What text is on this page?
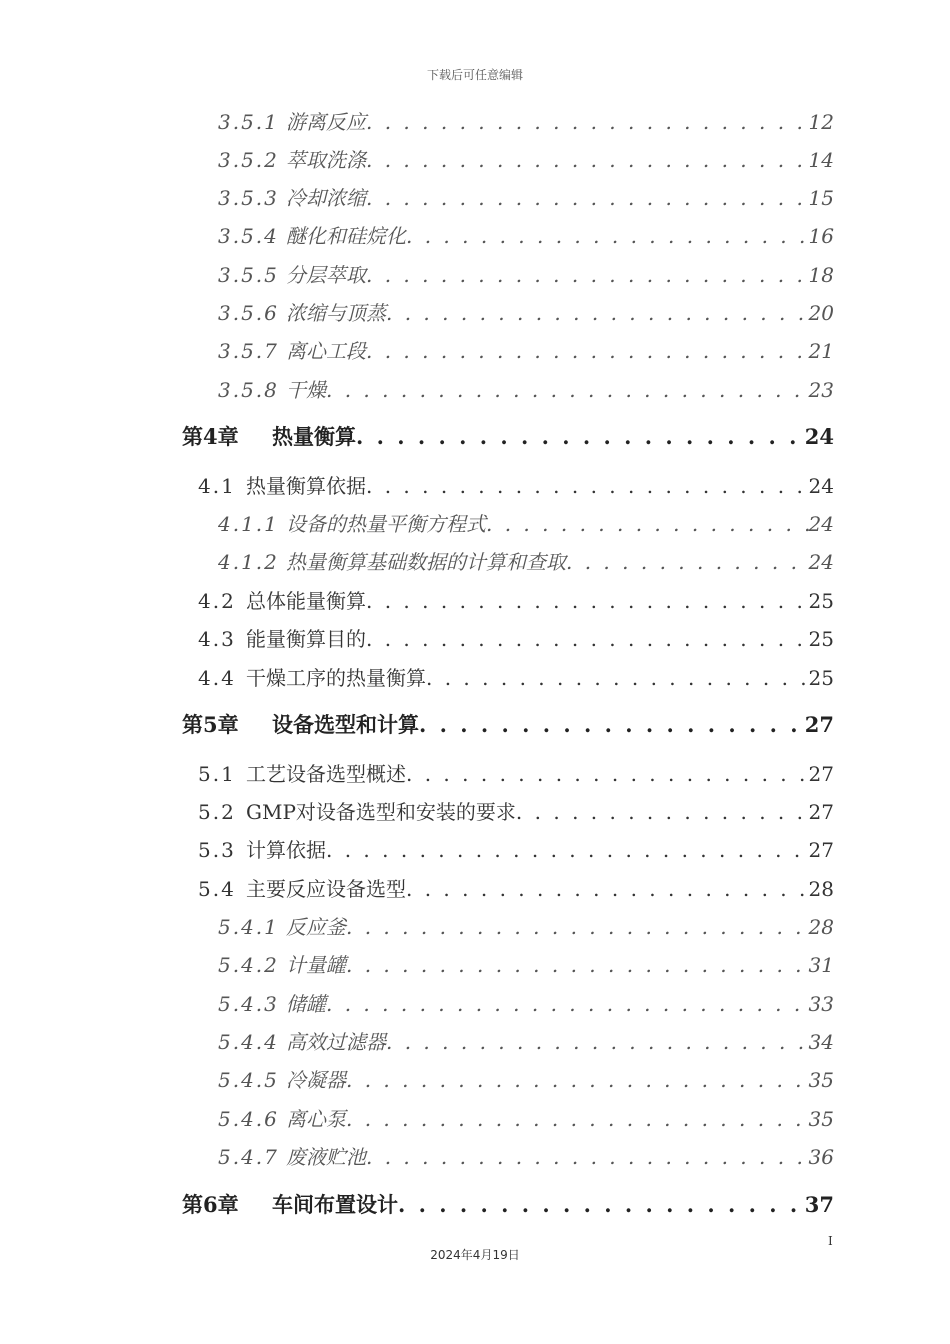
下载后可任意编辑
3.5.1 游离反应 . . .	12
3.5.2 萃取洗涤 . . .	14
3.5.3 冷却浓缩 . . .	15
3.5.4 醚化和硅烷化 . . .	16
3.5.5 分层萃取 . . .	18
3.5.6 浓缩与顶蒸 . . .	20
3.5.7 离心工段 . . .	21
3.5.8 干燥 . . .	23
第4章	热量衡算 . . .	24
4.1 热量衡算依据 . . .	24
4.1.1 设备的热量平衡方程式 . . .	24
4.1.2 热量衡算基础数据的计算和查取 . . .	24
4.2 总体能量衡算 . . .	25
4.3 能量衡算目的 . . .	25
4.4 干燥工序的热量衡算 . . .	25
第5章	设备选型和计算 . . .	27
5.1 工艺设备选型概述 . . .	27
5.2 GMP对设备选型和安装的要求 . . .	27
5.3 计算依据 . . .	27
5.4 主要反应设备选型 . . .	28
5.4.1 反应釜 . . .	28
5.4.2 计量罐 . . .	31
5.4.3 储罐 . . .	33
5.4.4 高效过滤器 . . .	34
5.4.5 冷凝器 . . .	35
5.4.6 离心泵 . . .	35
5.4.7 废液贮池 . . .	36
第6章	车间布置设计 . . .	37
I
2024年4月19日
